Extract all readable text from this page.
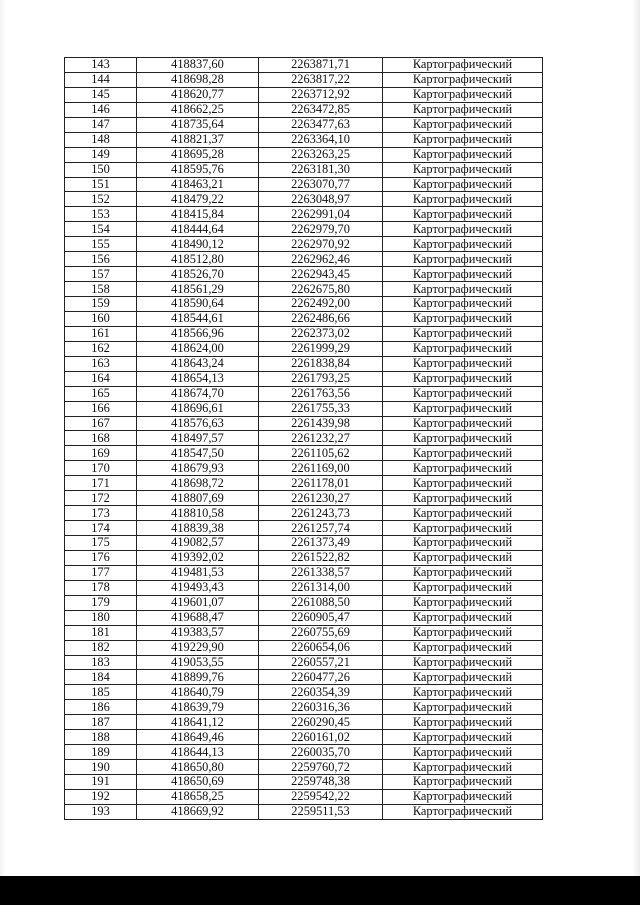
143	418837,60	2263871,71	Картографический
144	418698,28	2263817,22	Картографический
145	418620,77	2263712,92	Картографический
146	418662,25	2263472,85	Картографический
147	418735,64	2263477,63	Картографический
148	418821,37	2263364,10	Картографический
149	418695,28	2263263,25	Картографический
150	418595,76	2263181,30	Картографический
151	418463,21	2263070,77	Картографический
152	418479,22	2263048,97	Картографический
153	418415,84	2262991,04	Картографический
154	418444,64	2262979,70	Картографический
155	418490,12	2262970,92	Картографический
156	418512,80	2262962,46	Картографический
157	418526,70	2262943,45	Картографический
158	418561,29	2262675,80	Картографический
159	418590,64	2262492,00	Картографический
160	418544,61	2262486,66	Картографический
161	418566,96	2262373,02	Картографический
162	418624,00	2261999,29	Картографический
163	418643,24	2261838,84	Картографический
164	418654,13	2261793,25	Картографический
165	418674,70	2261763,56	Картографический
166	418696,61	2261755,33	Картографический
167	418576,63	2261439,98	Картографический
168	418497,57	2261232,27	Картографический
169	418547,50	2261105,62	Картографический
170	418679,93	2261169,00	Картографический
171	418698,72	2261178,01	Картографический
172	418807,69	2261230,27	Картографический
173	418810,58	2261243,73	Картографический
174	418839,38	2261257,74	Картографический
175	419082,57	2261373,49	Картографический
176	419392,02	2261522,82	Картографический
177	419481,53	2261338,57	Картографический
178	419493,43	2261314,00	Картографический
179	419601,07	2261088,50	Картографический
180	419688,47	2260905,47	Картографический
181	419383,57	2260755,69	Картографический
182	419229,90	2260654,06	Картографический
183	419053,55	2260557,21	Картографический
184	418899,76	2260477,26	Картографический
185	418640,79	2260354,39	Картографический
186	418639,79	2260316,36	Картографический
187	418641,12	2260290,45	Картографический
188	418649,46	2260161,02	Картографический
189	418644,13	2260035,70	Картографический
190	418650,80	2259760,72	Картографический
191	418650,69	2259748,38	Картографический
192	418658,25	2259542,22	Картографический
193	418669,92	2259511,53	Картографический
